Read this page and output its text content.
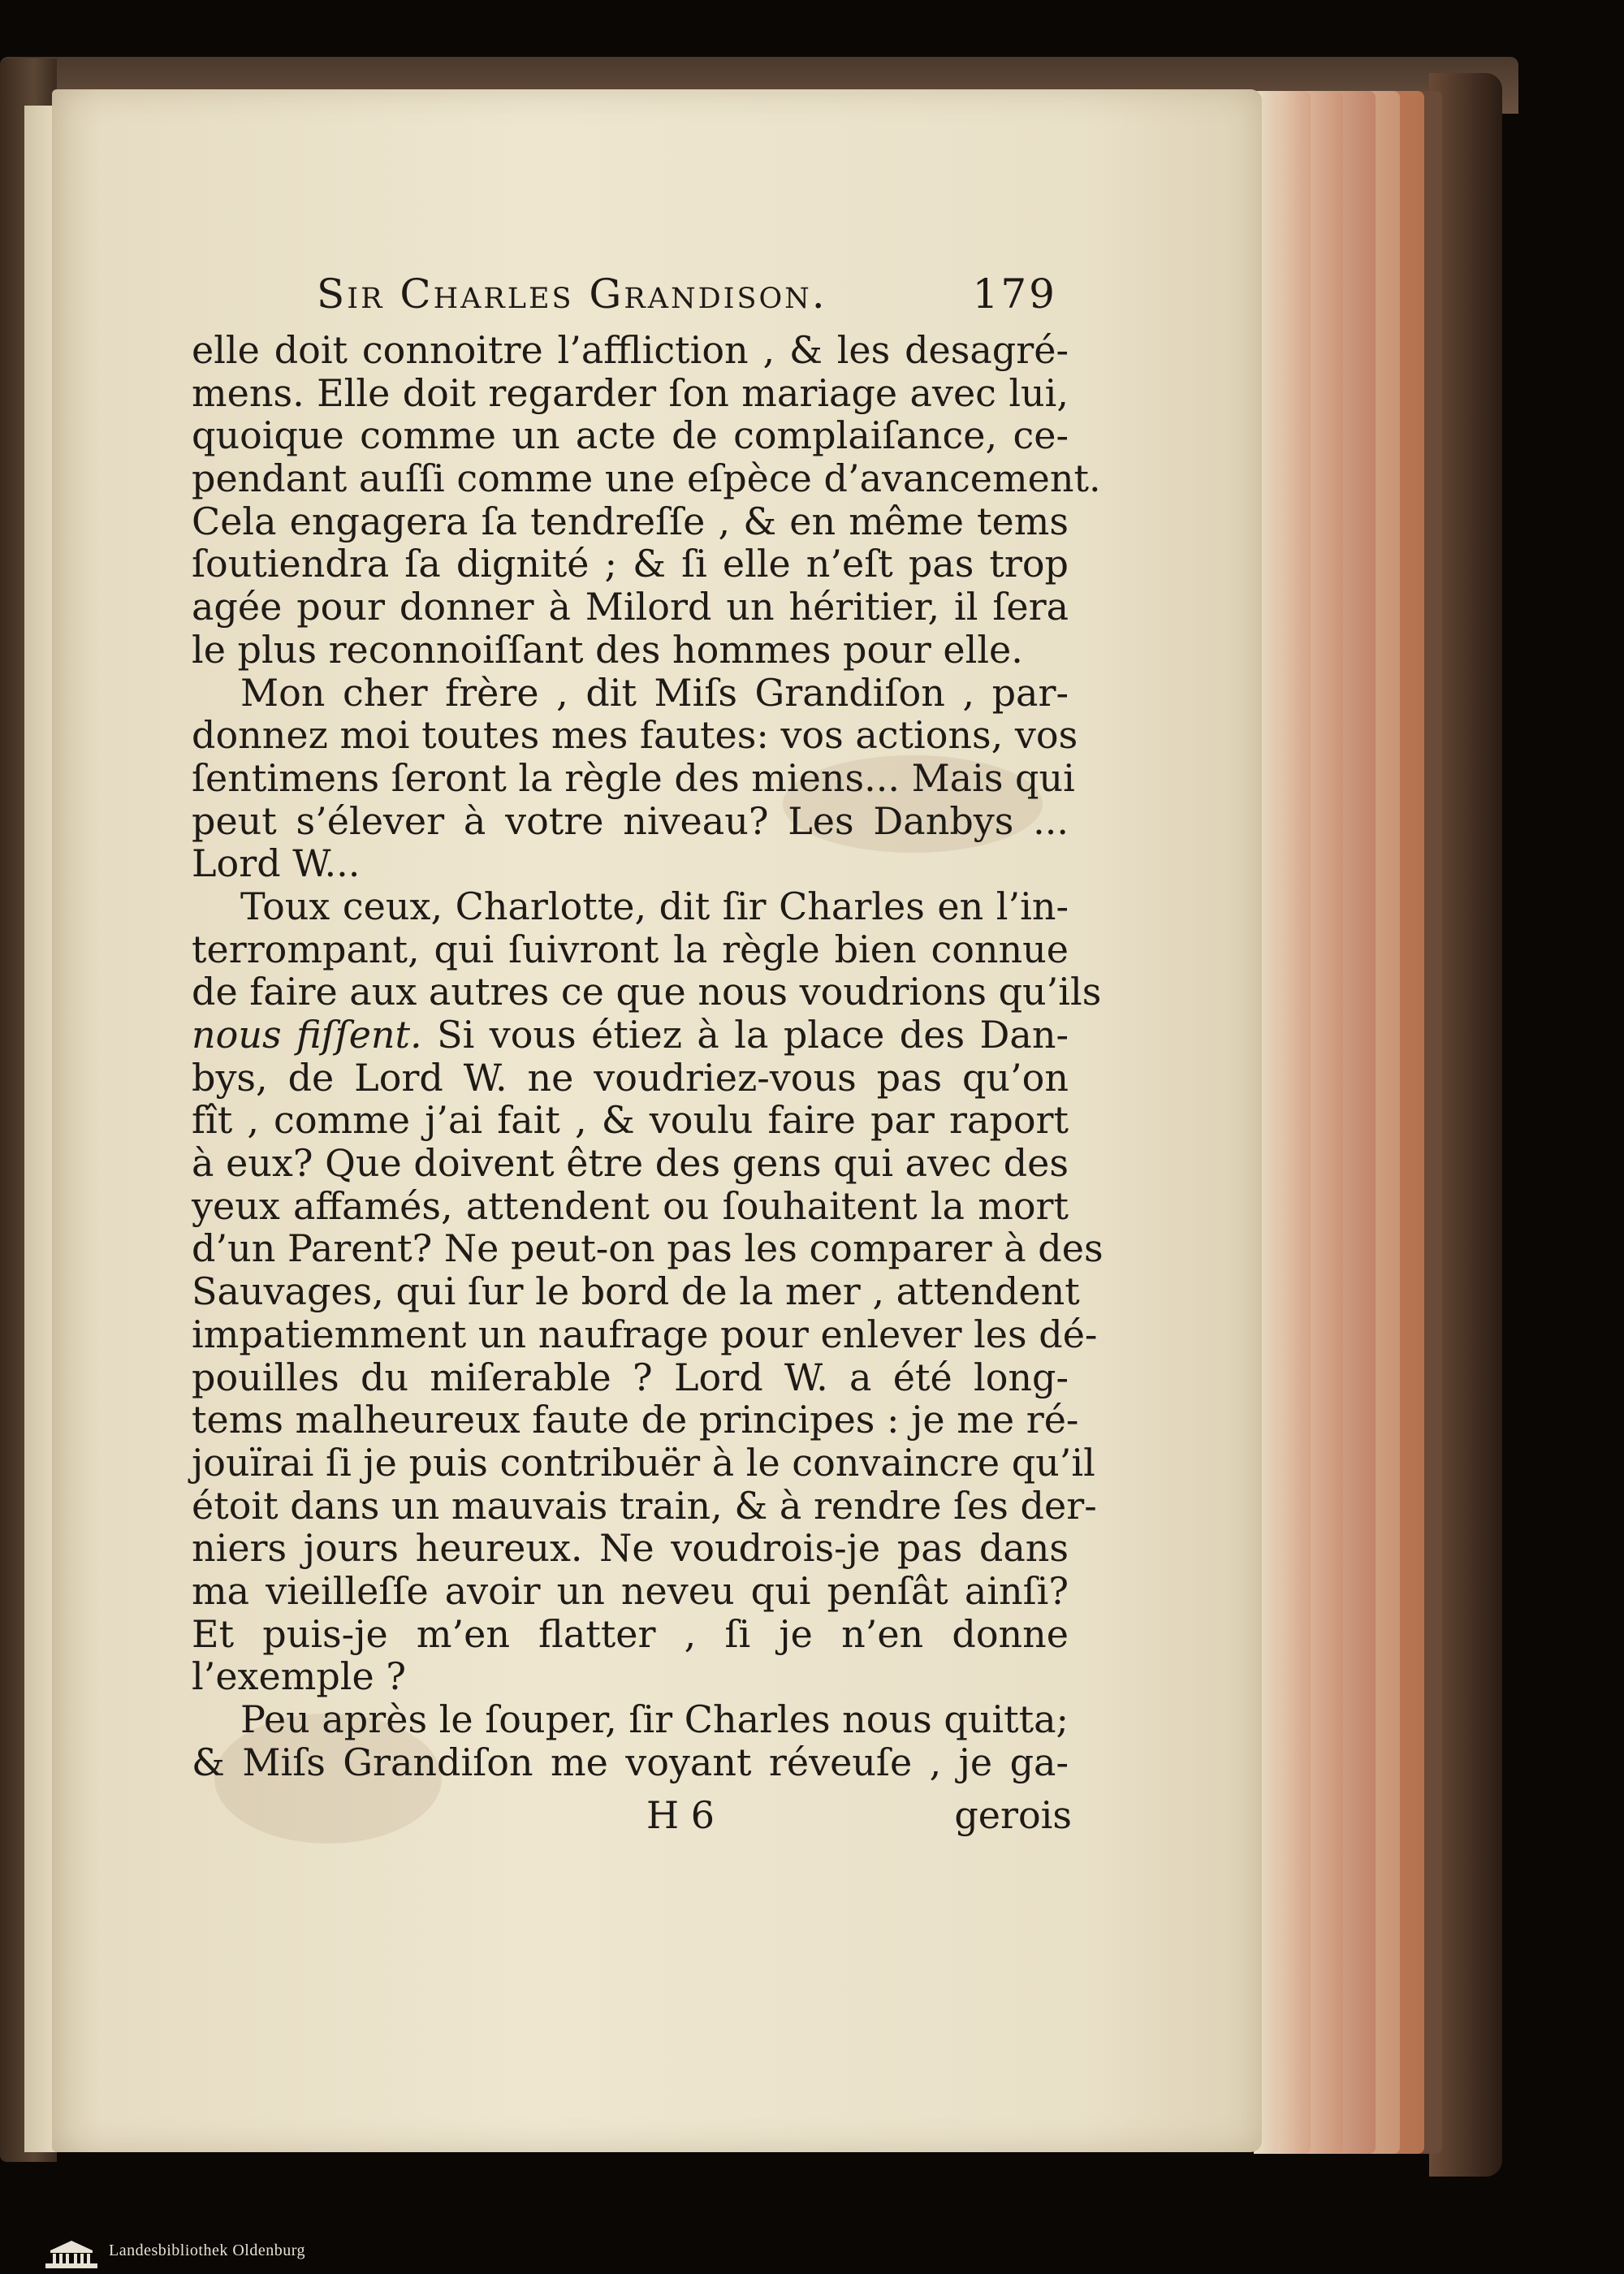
Sir Charles Grandison.	179
elle doit connoitre l’affliction , & les desagré-
mens. Elle doit regarder ſon mariage avec lui,
quoique comme un acte de complaiſance, ce-
pendant auſſi comme une eſpèce d’avancement.
Cela engagera ſa tendreſſe , & en même tems
ſoutiendra ſa dignité ; & ſi elle n’eſt pas trop
agée pour donner à Milord un héritier, il ſera
le plus reconnoiſſant des hommes pour elle.
Mon cher frère , dit Miſs Grandiſon , par-
donnez moi toutes mes fautes: vos actions, vos
ſentimens ſeront la règle des miens... Mais qui
peut s’élever à votre niveau? Les Danbys ...
Lord W...
Toux ceux, Charlotte, dit ſir Charles en l’in-
terrompant, qui ſuivront la règle bien connue
de faire aux autres ce que nous voudrions qu’ils
nous fiſſent. Si vous étiez à la place des Dan-
bys, de Lord W. ne voudriez-vous pas qu’on
fît , comme j’ai fait , & voulu faire par raport
à eux? Que doivent être des gens qui avec des
yeux affamés, attendent ou ſouhaitent la mort
d’un Parent? Ne peut-on pas les comparer à des
Sauvages, qui ſur le bord de la mer , attendent
impatiemment un naufrage pour enlever les dé-
pouilles du miſerable ? Lord W. a été long-
tems malheureux faute de principes : je me ré-
jouïrai ſi je puis contribuër à le convaincre qu’il
étoit dans un mauvais train, & à rendre ſes der-
niers jours heureux. Ne voudrois-je pas dans
ma vieilleſſe avoir un neveu qui penſât ainſi?
Et puis-je m’en flatter , ſi je n’en donne
l’exemple ?
Peu après le ſouper, ſir Charles nous quitta;
& Miſs Grandiſon me voyant réveuſe , je ga-
H 6	gerois
Landesbibliothek Oldenburg
